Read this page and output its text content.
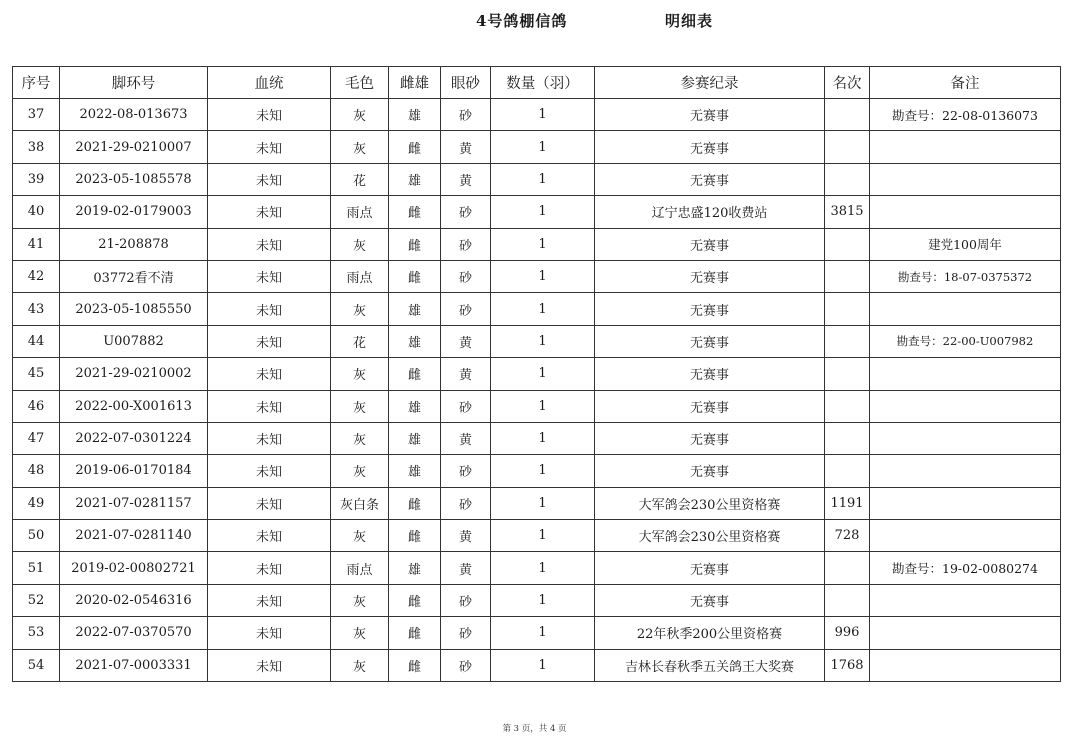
4号鸽棚信鸽	明细表
序号	脚环号	血统	毛色	雌雄	眼砂	数量（羽）	参赛纪录	名次	备注
37	2022-08-013673	未知	灰	雄	砂	1	无赛事		勘查号：22-08-0136073
38	2021-29-0210007	未知	灰	雌	黄	1	无赛事		
39	2023-05-1085578	未知	花	雄	黄	1	无赛事		
40	2019-02-0179003	未知	雨点	雌	砂	1	辽宁忠盛120收费站	3815	
41	21-208878	未知	灰	雌	砂	1	无赛事		建党100周年
42	03772看不清	未知	雨点	雌	砂	1	无赛事		勘查号：18-07-0375372
43	2023-05-1085550	未知	灰	雄	砂	1	无赛事		
44	U007882	未知	花	雄	黄	1	无赛事		勘查号：22-00-U007982
45	2021-29-0210002	未知	灰	雌	黄	1	无赛事		
46	2022-00-X001613	未知	灰	雄	砂	1	无赛事		
47	2022-07-0301224	未知	灰	雄	黄	1	无赛事		
48	2019-06-0170184	未知	灰	雄	砂	1	无赛事		
49	2021-07-0281157	未知	灰白条	雌	砂	1	大军鸽会230公里资格赛	1191	
50	2021-07-0281140	未知	灰	雌	黄	1	大军鸽会230公里资格赛	728	
51	2019-02-00802721	未知	雨点	雄	黄	1	无赛事		勘查号：19-02-0080274
52	2020-02-0546316	未知	灰	雌	砂	1	无赛事		
53	2022-07-0370570	未知	灰	雌	砂	1	22年秋季200公里资格赛	996	
54	2021-07-0003331	未知	灰	雌	砂	1	吉林长春秋季五关鸽王大奖赛	1768	
第 3 页，共 4 页
